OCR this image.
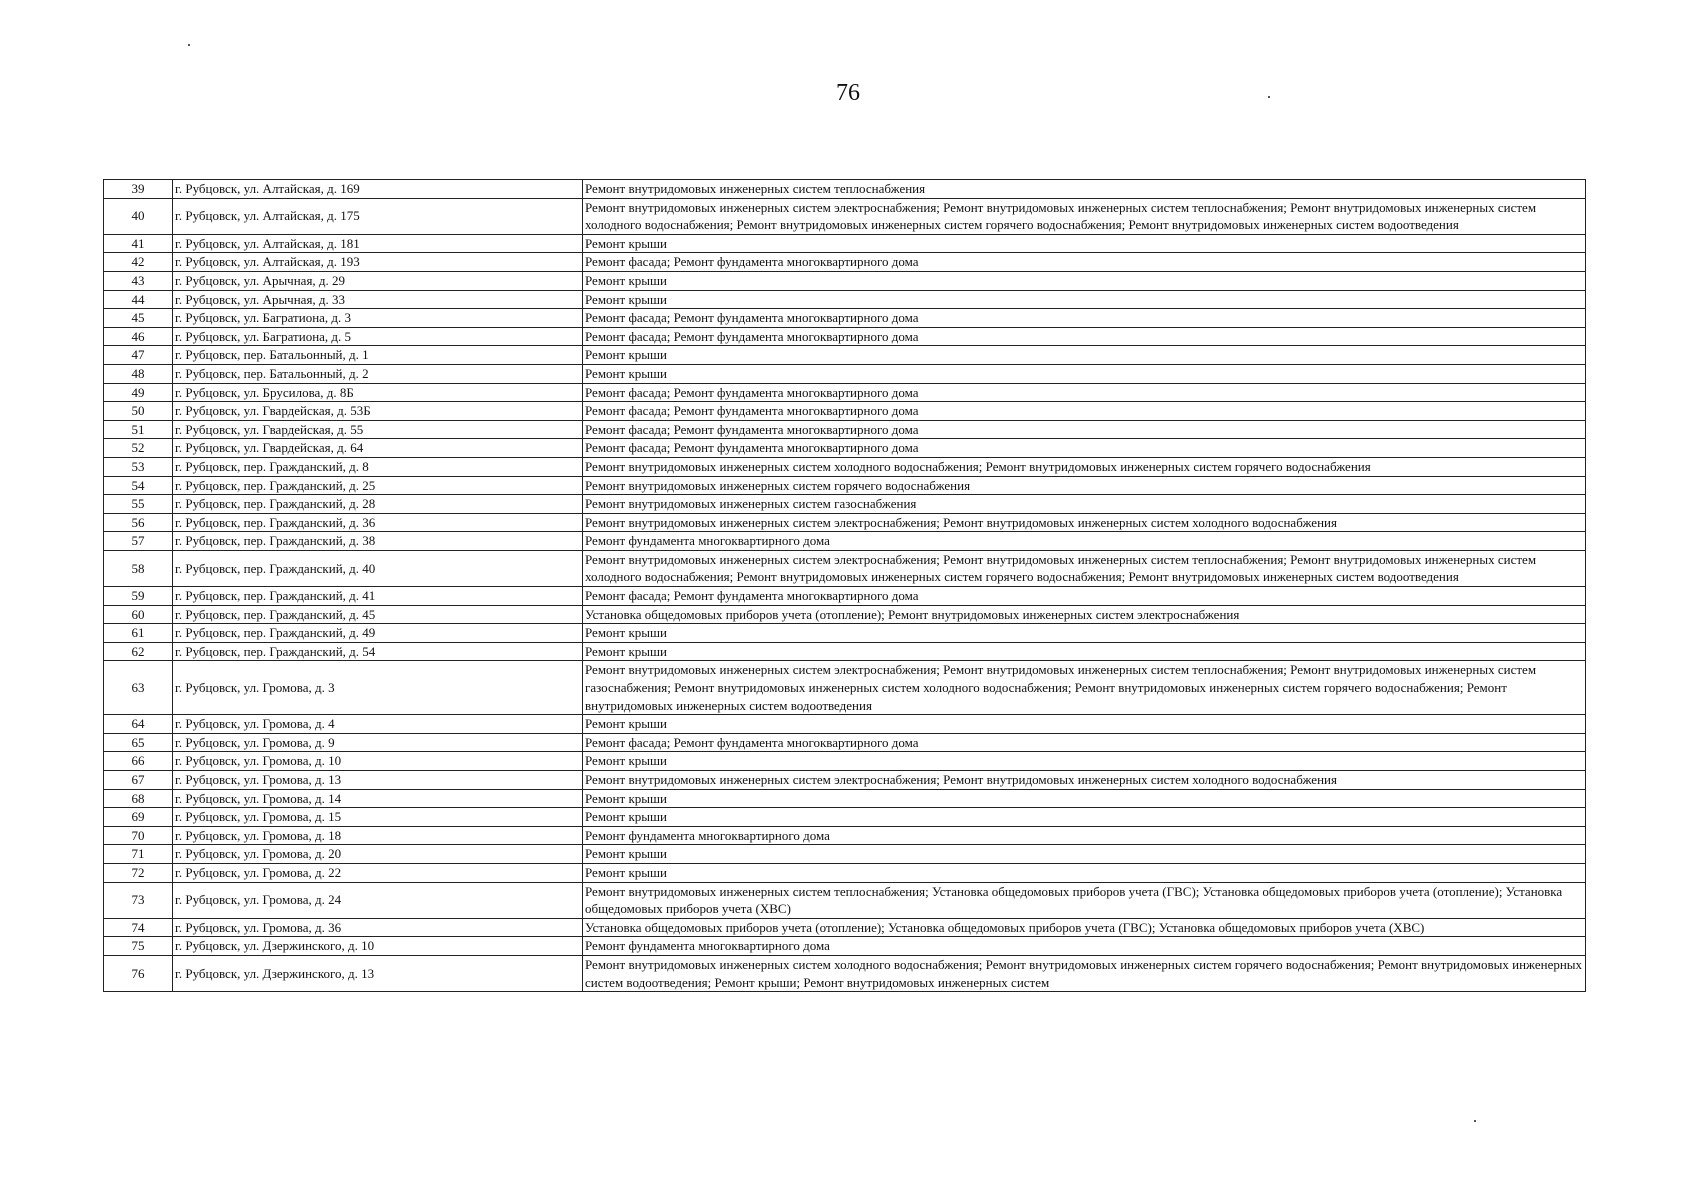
76
39	г. Рубцовск, ул. Алтайская, д. 169	Ремонт внутридомовых инженерных систем теплоснабжения
40	г. Рубцовск, ул. Алтайская, д. 175	Ремонт внутридомовых инженерных систем электроснабжения; Ремонт внутридомовых инженерных систем теплоснабжения; Ремонт внутридомовых инженерных систем холодного водоснабжения; Ремонт внутридомовых инженерных систем горячего водоснабжения; Ремонт внутридомовых инженерных систем водоотведения
41	г. Рубцовск, ул. Алтайская, д. 181	Ремонт крыши
42	г. Рубцовск, ул. Алтайская, д. 193	Ремонт фасада; Ремонт фундамента многоквартирного дома
43	г. Рубцовск, ул. Арычная, д. 29	Ремонт крыши
44	г. Рубцовск, ул. Арычная, д. 33	Ремонт крыши
45	г. Рубцовск, ул. Багратиона, д. 3	Ремонт фасада; Ремонт фундамента многоквартирного дома
46	г. Рубцовск, ул. Багратиона, д. 5	Ремонт фасада; Ремонт фундамента многоквартирного дома
47	г. Рубцовск, пер. Батальонный, д. 1	Ремонт крыши
48	г. Рубцовск, пер. Батальонный, д. 2	Ремонт крыши
49	г. Рубцовск, ул. Брусилова, д. 8Б	Ремонт фасада; Ремонт фундамента многоквартирного дома
50	г. Рубцовск, ул. Гвардейская, д. 53Б	Ремонт фасада; Ремонт фундамента многоквартирного дома
51	г. Рубцовск, ул. Гвардейская, д. 55	Ремонт фасада; Ремонт фундамента многоквартирного дома
52	г. Рубцовск, ул. Гвардейская, д. 64	Ремонт фасада; Ремонт фундамента многоквартирного дома
53	г. Рубцовск, пер. Гражданский, д. 8	Ремонт внутридомовых инженерных систем холодного водоснабжения; Ремонт внутридомовых инженерных систем горячего водоснабжения
54	г. Рубцовск, пер. Гражданский, д. 25	Ремонт внутридомовых инженерных систем горячего водоснабжения
55	г. Рубцовск, пер. Гражданский, д. 28	Ремонт внутридомовых инженерных систем газоснабжения
56	г. Рубцовск, пер. Гражданский, д. 36	Ремонт внутридомовых инженерных систем электроснабжения; Ремонт внутридомовых инженерных систем холодного водоснабжения
57	г. Рубцовск, пер. Гражданский, д. 38	Ремонт фундамента многоквартирного дома
58	г. Рубцовск, пер. Гражданский, д. 40	Ремонт внутридомовых инженерных систем электроснабжения; Ремонт внутридомовых инженерных систем теплоснабжения; Ремонт внутридомовых инженерных систем холодного водоснабжения; Ремонт внутридомовых инженерных систем горячего водоснабжения; Ремонт внутридомовых инженерных систем водоотведения
59	г. Рубцовск, пер. Гражданский, д. 41	Ремонт фасада; Ремонт фундамента многоквартирного дома
60	г. Рубцовск, пер. Гражданский, д. 45	Установка общедомовых приборов учета (отопление); Ремонт внутридомовых инженерных систем электроснабжения
61	г. Рубцовск, пер. Гражданский, д. 49	Ремонт крыши
62	г. Рубцовск, пер. Гражданский, д. 54	Ремонт крыши
63	г. Рубцовск, ул. Громова, д. 3	Ремонт внутридомовых инженерных систем электроснабжения; Ремонт внутридомовых инженерных систем теплоснабжения; Ремонт внутридомовых инженерных систем газоснабжения; Ремонт внутридомовых инженерных систем холодного водоснабжения; Ремонт внутридомовых инженерных систем горячего водоснабжения; Ремонт внутридомовых инженерных систем водоотведения
64	г. Рубцовск, ул. Громова, д. 4	Ремонт крыши
65	г. Рубцовск, ул. Громова, д. 9	Ремонт фасада; Ремонт фундамента многоквартирного дома
66	г. Рубцовск, ул. Громова, д. 10	Ремонт крыши
67	г. Рубцовск, ул. Громова, д. 13	Ремонт внутридомовых инженерных систем электроснабжения; Ремонт внутридомовых инженерных систем холодного водоснабжения
68	г. Рубцовск, ул. Громова, д. 14	Ремонт крыши
69	г. Рубцовск, ул. Громова, д. 15	Ремонт крыши
70	г. Рубцовск, ул. Громова, д. 18	Ремонт фундамента многоквартирного дома
71	г. Рубцовск, ул. Громова, д. 20	Ремонт крыши
72	г. Рубцовск, ул. Громова, д. 22	Ремонт крыши
73	г. Рубцовск, ул. Громова, д. 24	Ремонт внутридомовых инженерных систем теплоснабжения; Установка общедомовых приборов учета (ГВС); Установка общедомовых приборов учета (отопление); Установка общедомовых приборов учета (ХВС)
74	г. Рубцовск, ул. Громова, д. 36	Установка общедомовых приборов учета (отопление); Установка общедомовых приборов учета (ГВС); Установка общедомовых приборов учета (ХВС)
75	г. Рубцовск, ул. Дзержинского, д. 10	Ремонт фундамента многоквартирного дома
76	г. Рубцовск, ул. Дзержинского, д. 13	Ремонт внутридомовых инженерных систем холодного водоснабжения; Ремонт внутридомовых инженерных систем горячего водоснабжения; Ремонт внутридомовых инженерных систем водоотведения; Ремонт крыши; Ремонт внутридомовых инженерных систем
